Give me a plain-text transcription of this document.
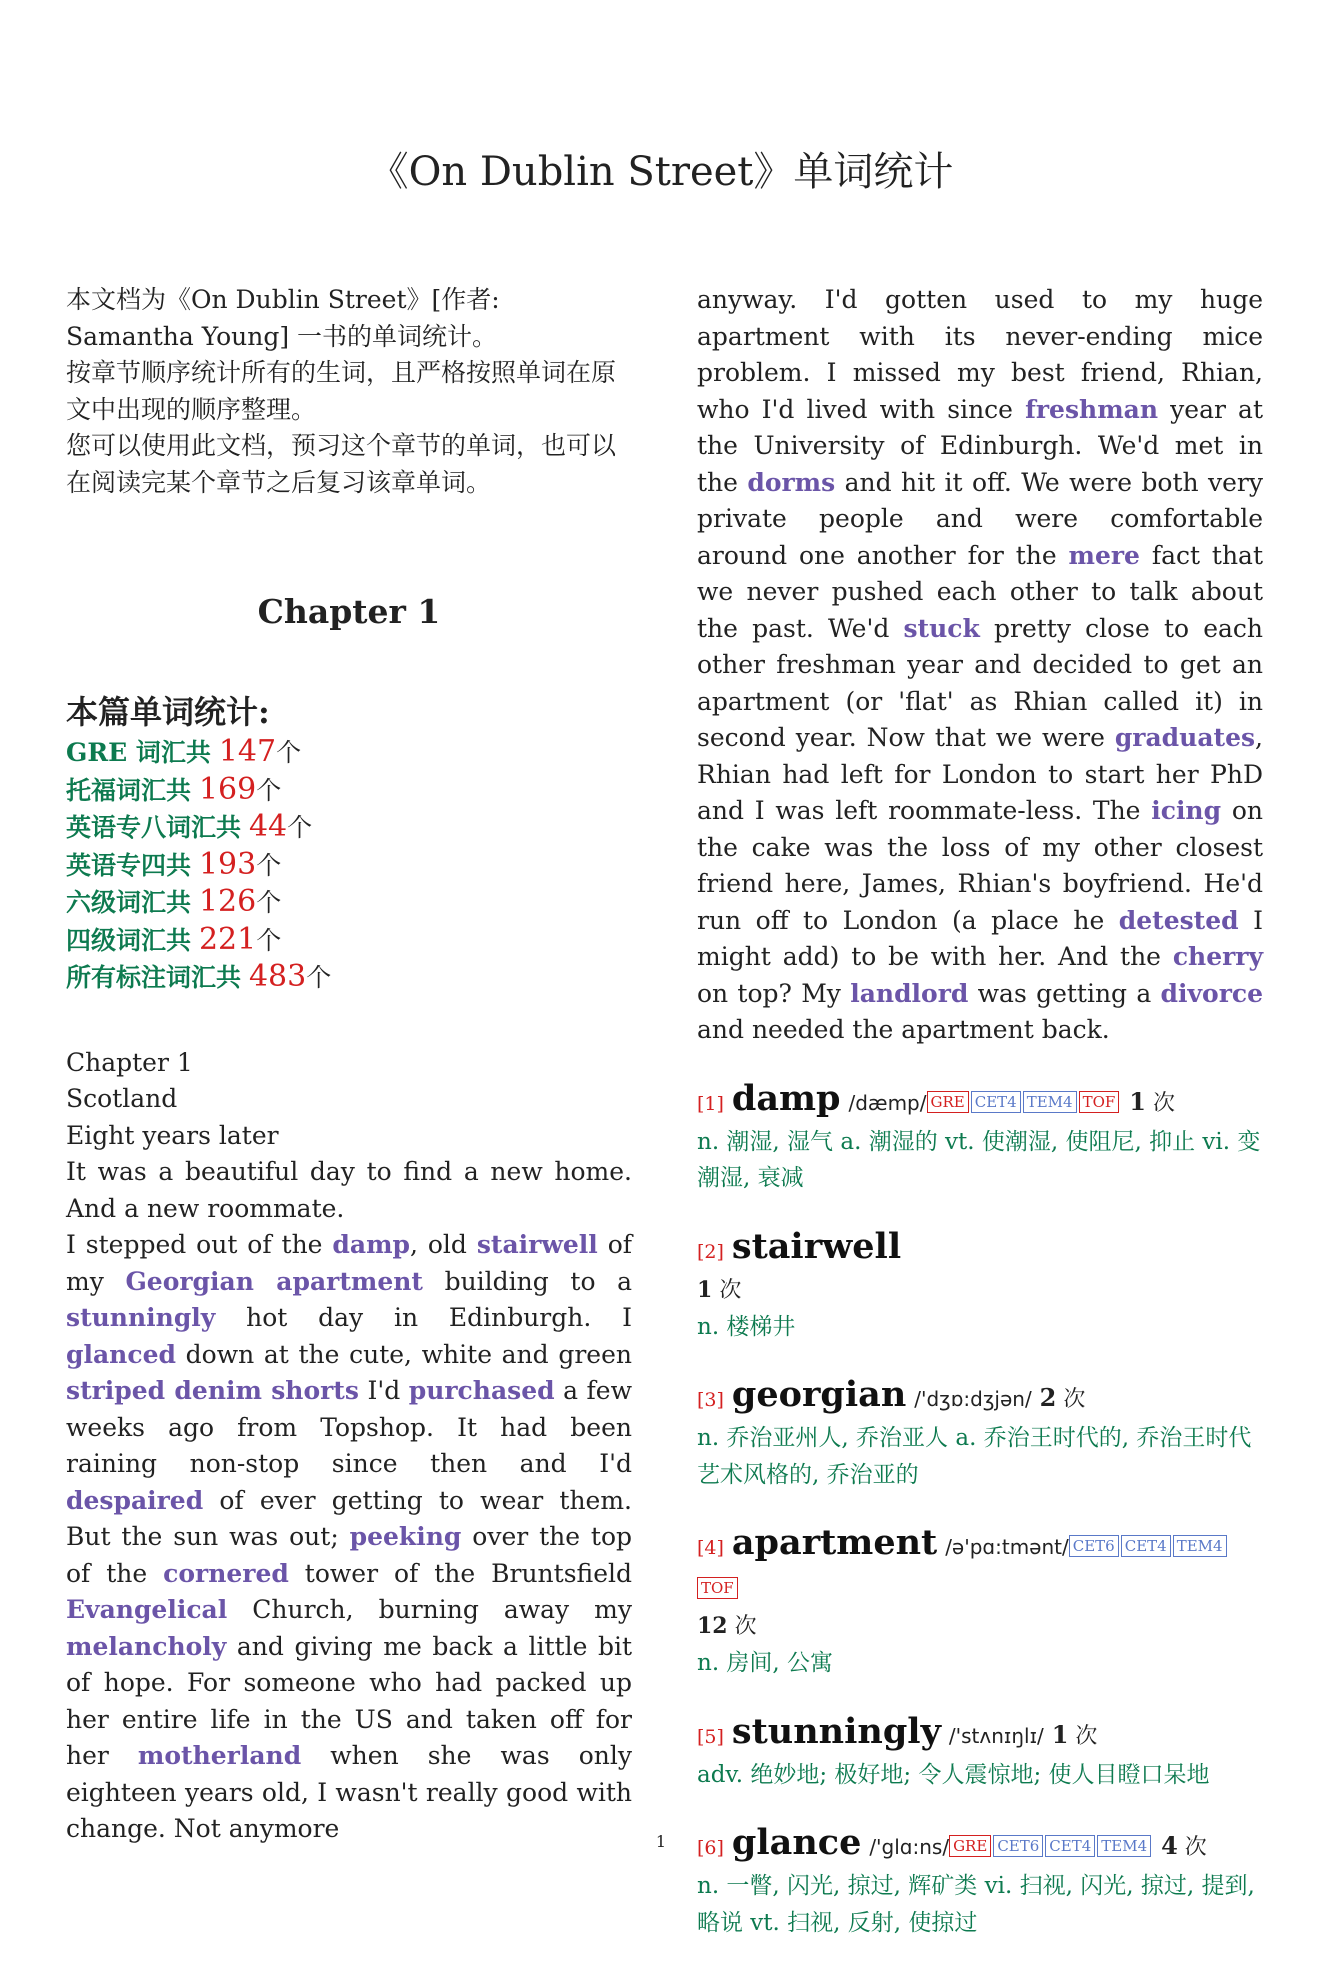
《On Dublin Street》单词统计

本文档为《On Dublin Street》[作者: Samantha Young] 一书的单词统计。

按章节顺序统计所有的生词，且严格按照单词在原文中出现的顺序整理。

您可以使用此文档，预习这个章节的单词，也可以在阅读完某个章节之后复习该章单词。

Chapter 1
本篇单词统计:
GRE 词汇共 147个
托福词汇共 169个
英语专八词汇共 44个
英语专四共 193个
六级词汇共 126个
四级词汇共 221个
所有标注词汇共 483个

Chapter 1

Scotland

Eight years later

It was a beautiful day to find a new home. And a new roommate.

I stepped out of the damp, old stairwell of my Georgian apartment building to a stunningly hot day in Edinburgh. I glanced down at the cute, white and green striped denim shorts I'd purchased a few weeks ago from Topshop. It had been raining non-stop since then and I'd despaired of ever getting to wear them. But the sun was out; peeking over the top of the cornered tower of the Bruntsfield Evangelical Church, burning away my melancholy and giving me back a little bit of hope. For someone who had packed up her entire life in the US and taken off for her motherland when she was only eighteen years old, I wasn't really good with change. Not anymore

anyway. I'd gotten used to my huge apartment with its never-ending mice problem. I missed my best friend, Rhian, who I'd lived with since freshman year at the University of Edinburgh. We'd met in the dorms and hit it off. We were both very private people and were comfortable around one another for the mere fact that we never pushed each other to talk about the past. We'd stuck pretty close to each other freshman year and decided to get an apartment (or 'flat' as Rhian called it) in second year. Now that we were graduates, Rhian had left for London to start her PhD and I was left roommate-less. The icing on the cake was the loss of my other closest friend here, James, Rhian's boyfriend. He'd run off to London (a place he detested I might add) to be with her. And the cherry on top? My landlord was getting a divorce and needed the apartment back.

[1] damp /dæmp/ GRE CET4 TEM4 TOF 1 次
n. 潮湿, 湿气 a. 潮湿的 vt. 使潮湿, 使阻尼, 抑止 vi. 变潮湿, 衰减
[2] stairwell
1 次
n. 楼梯井
[3] georgian /'dʒɒ:dʒjən/ 2 次
n. 乔治亚州人, 乔治亚人 a. 乔治王时代的, 乔治王时代艺术风格的, 乔治亚的
[4] apartment /ə'pɑ:tmənt/ CET6 CET4 TEM4TOF
12 次
n. 房间, 公寓
[5] stunningly /'stʌnɪŋlɪ/ 1 次
adv. 绝妙地; 极好地; 令人震惊地; 使人目瞪口呆地
[6] glance /'glɑ:ns/ GRE CET6 CET4 TEM4 4 次
n. 一瞥, 闪光, 掠过, 辉矿类 vi. 扫视, 闪光, 掠过, 提到, 略说 vt. 扫视, 反射, 使掠过
1
